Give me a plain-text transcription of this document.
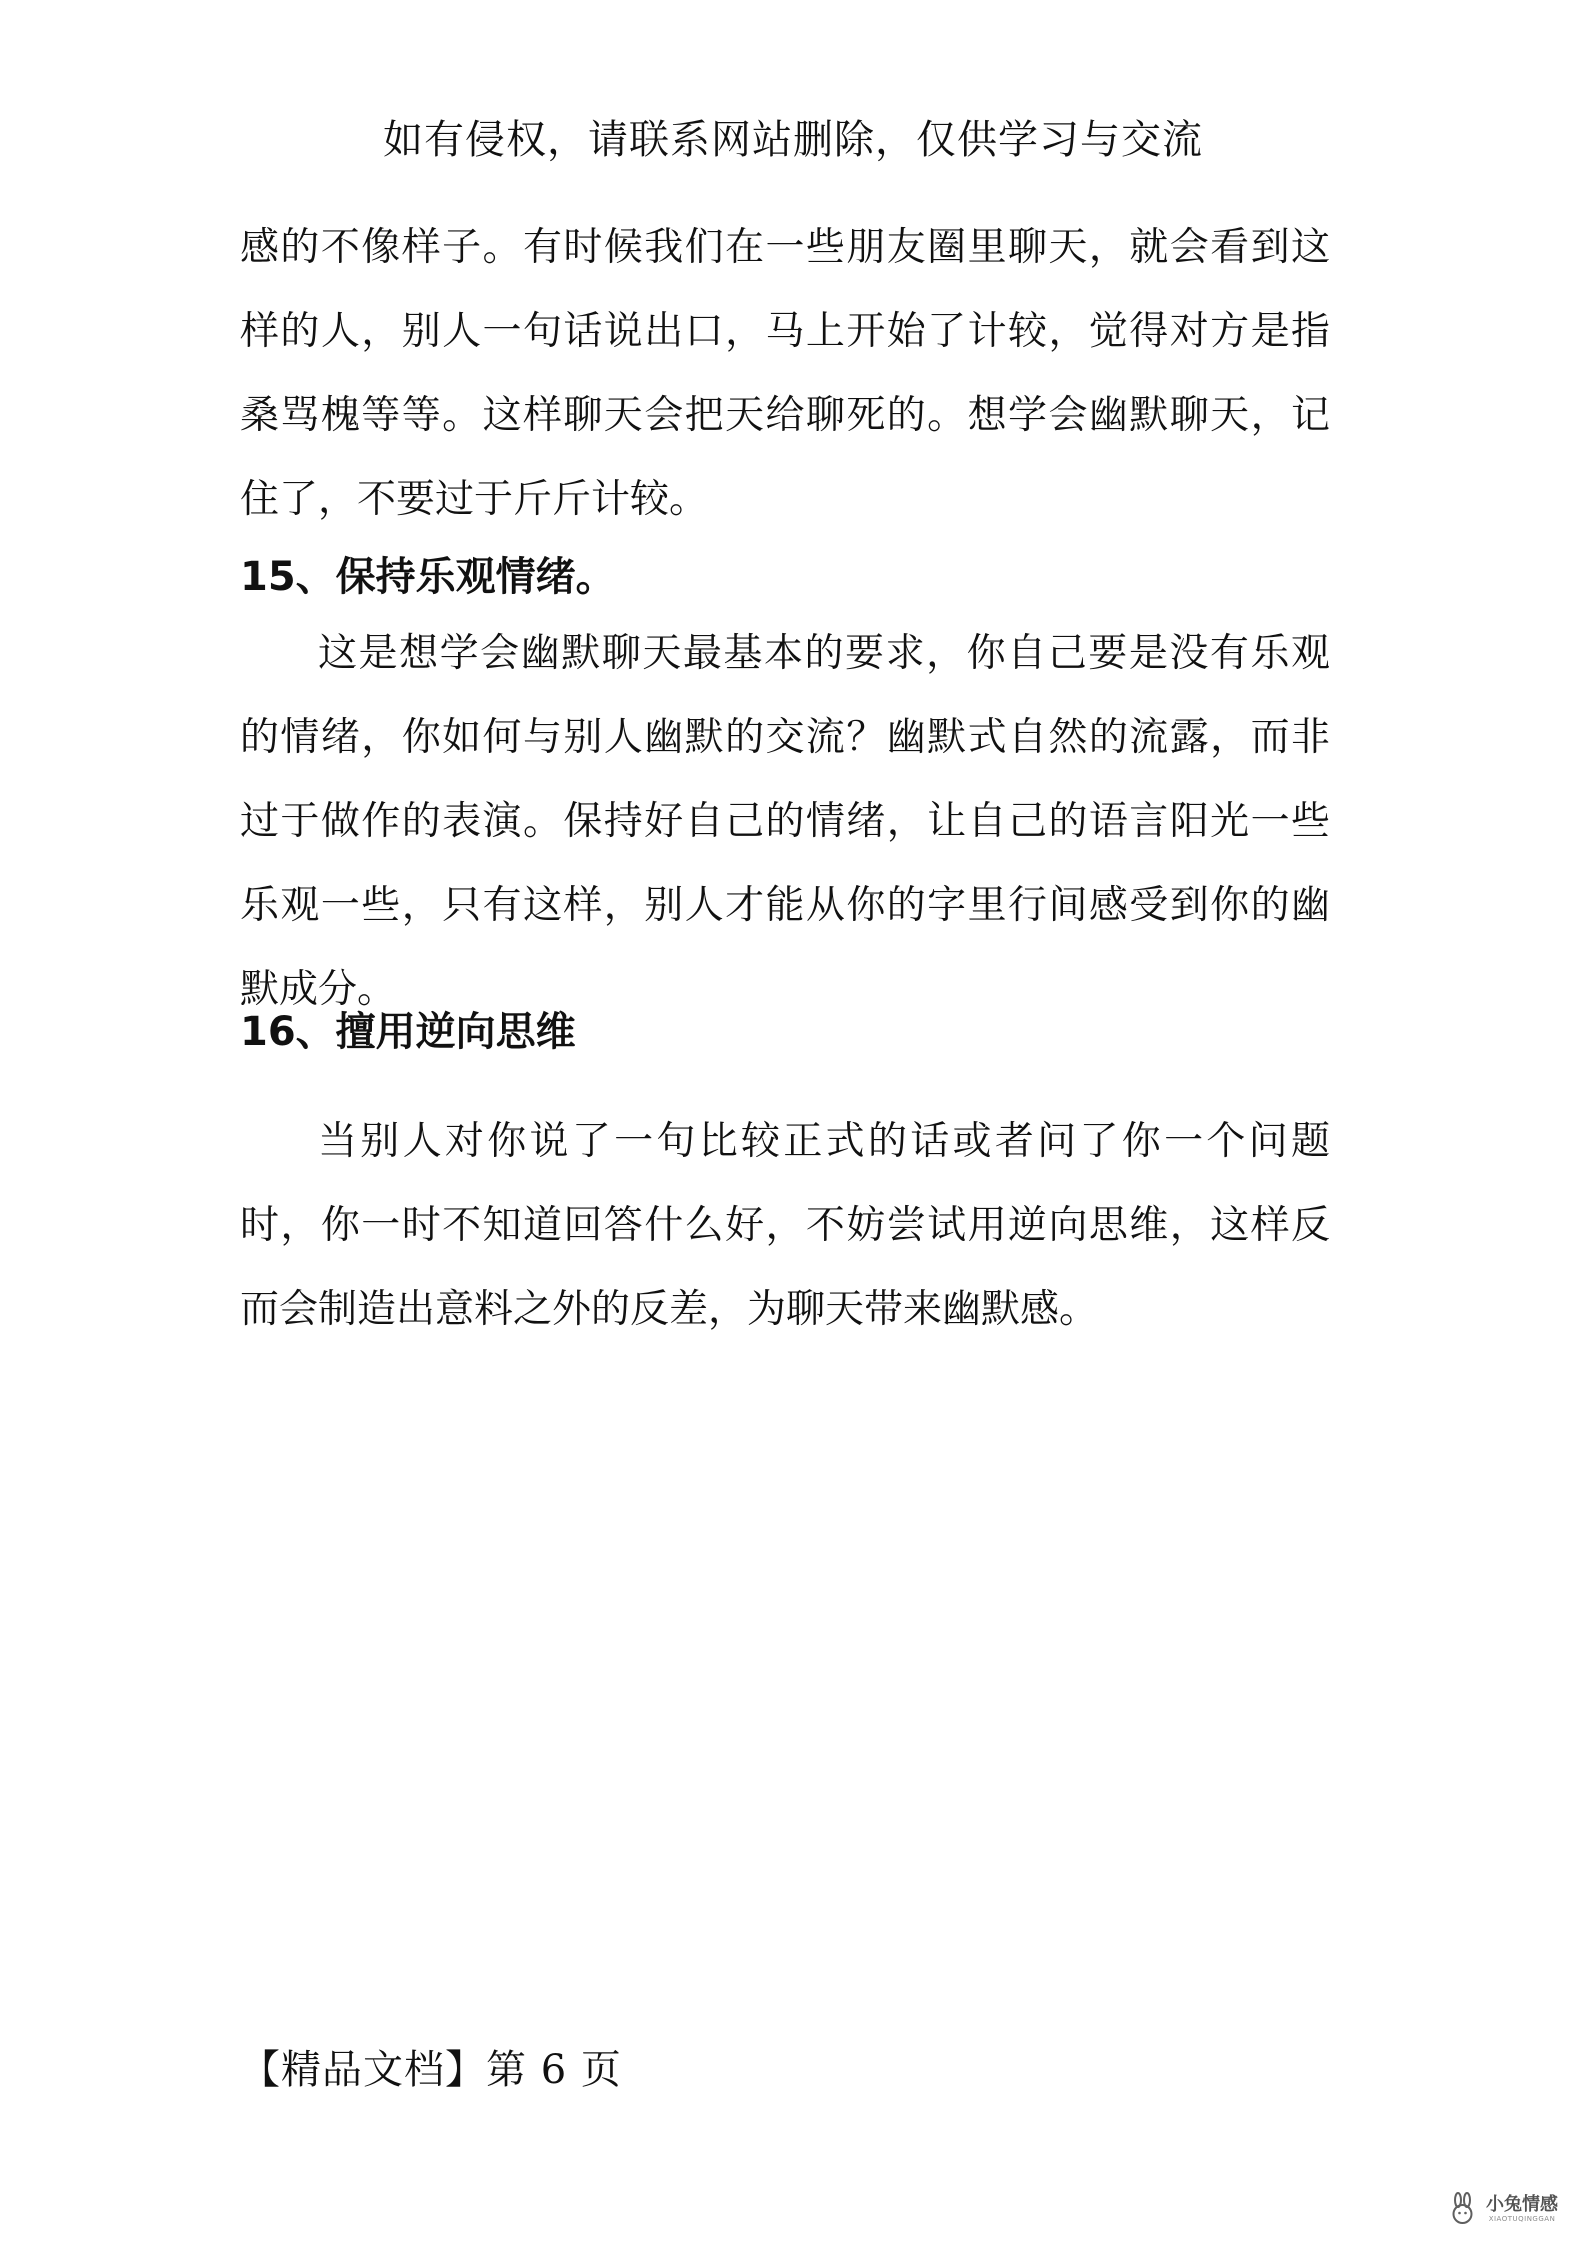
如有侵权，请联系网站删除，仅供学习与交流
感的不像样子。有时候我们在一些朋友圈里聊天，就会看到这样的人，别人一句话说出口，马上开始了计较，觉得对方是指桑骂槐等等。这样聊天会把天给聊死的。想学会幽默聊天，记住了，不要过于斤斤计较。
15、保持乐观情绪。
这是想学会幽默聊天最基本的要求，你自己要是没有乐观的情绪，你如何与别人幽默的交流？幽默式自然的流露，而非过于做作的表演。保持好自己的情绪，让自己的语言阳光一些乐观一些，只有这样，别人才能从你的字里行间感受到你的幽默成分。
16、擅用逆向思维
当别人对你说了一句比较正式的话或者问了你一个问题时，你一时不知道回答什么好，不妨尝试用逆向思维，这样反而会制造出意料之外的反差，为聊天带来幽默感。
【精品文档】第 6 页
小兔情感
XIAOTUQINGGAN
